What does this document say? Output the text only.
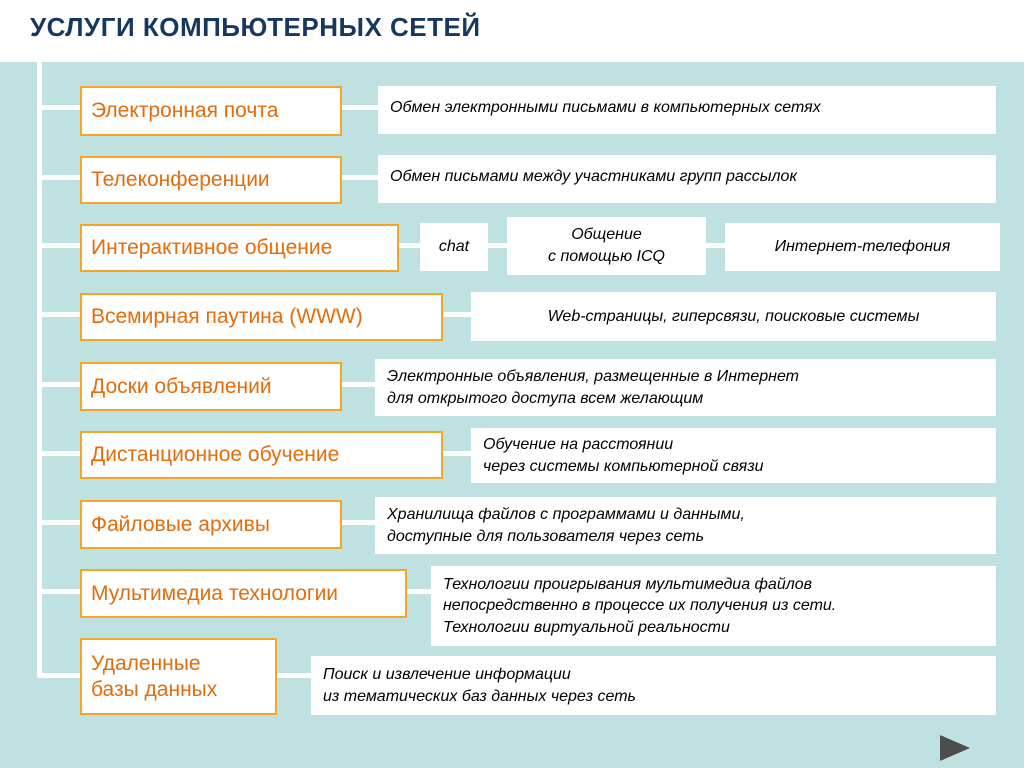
УСЛУГИ КОМПЬЮТЕРНЫХ СЕТЕЙ
Электронная почта
Телеконференции
Интерактивное общение
Всемирная паутина (WWW)
Доски объявлений
Дистанционное обучение
Файловые архивы
Мультимедиа технологии
Удаленные
базы данных
Обмен электронными письмами в компьютерных сетях
Обмен письмами между участниками групп рассылок
chat
Общение
с помощью ICQ
Интернет-телефония
Web-страницы, гиперсвязи, поисковые системы
Электронные объявления, размещенные в Интернет
для открытого доступа всем желающим
Обучение на расстоянии
через системы компьютерной связи
Хранилища файлов с программами и данными,
доступные для пользователя через сеть
Технологии проигрывания мультимедиа файлов
непосредственно в процессе их получения из сети.
Технологии виртуальной реальности
Поиск и извлечение информации
из тематических баз данных через сеть
